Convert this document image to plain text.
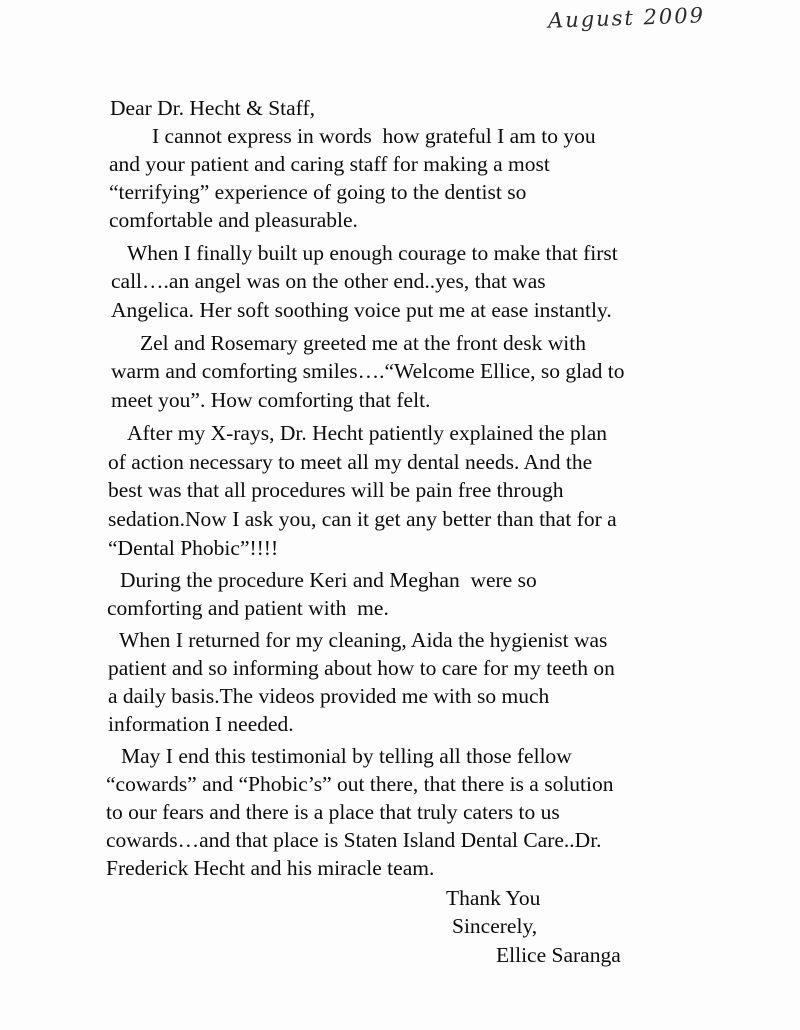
August 2009
Dear Dr. Hecht & Staff,
I cannot express in words  how grateful I am to you
and your patient and caring staff for making a most
“terrifying” experience of going to the dentist so
comfortable and pleasurable.
When I finally built up enough courage to make that first
call….an angel was on the other end..yes, that was
Angelica. Her soft soothing voice put me at ease instantly.
Zel and Rosemary greeted me at the front desk with
warm and comforting smiles….“Welcome Ellice, so glad to
meet you”. How comforting that felt.
After my X-rays, Dr. Hecht patiently explained the plan
of action necessary to meet all my dental needs. And the
best was that all procedures will be pain free through
sedation.Now I ask you, can it get any better than that for a
“Dental Phobic”!!!!
During the procedure Keri and Meghan  were so
comforting and patient with  me.
When I returned for my cleaning, Aida the hygienist was
patient and so informing about how to care for my teeth on
a daily basis.The videos provided me with so much
information I needed.
May I end this testimonial by telling all those fellow
“cowards” and “Phobic’s” out there, that there is a solution
to our fears and there is a place that truly caters to us
cowards…and that place is Staten Island Dental Care..Dr.
Frederick Hecht and his miracle team.
Thank You
Sincerely,
Ellice Saranga
